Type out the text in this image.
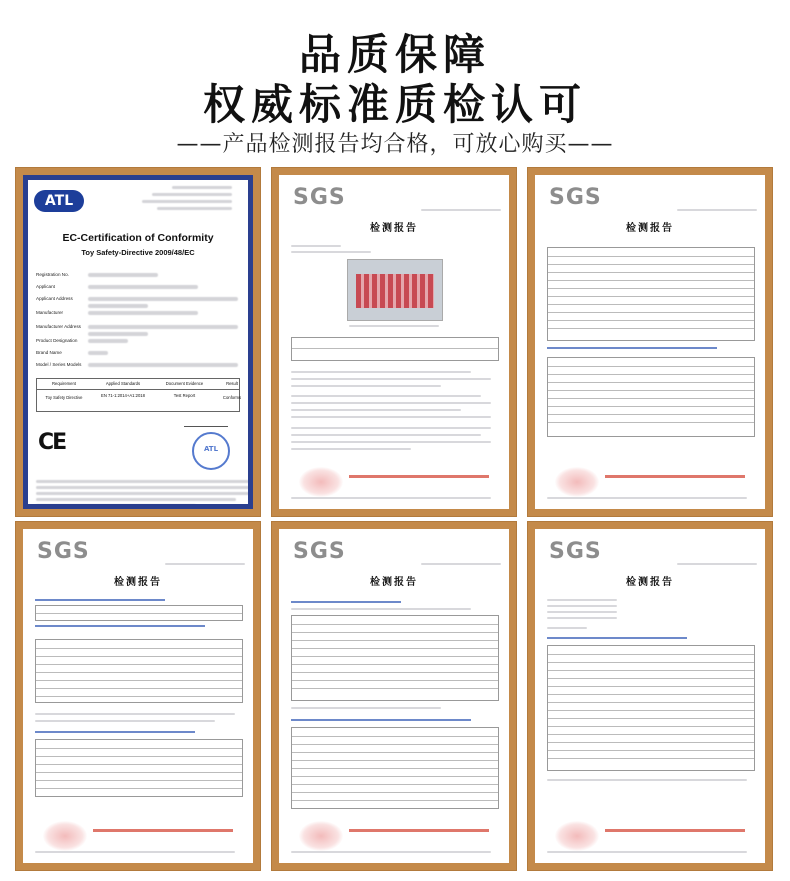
品质保障
权威标准质检认可
——产品检测报告均合格，可放心购买——
ATL
EC-Certification of Conformity
Toy Safety-Directive 2009/48/EC
Registration No.
Applicant
Applicant Address
Manufacturer
Manufacturer Address
Product Designation
Brand Name
Model / Series Models
Requirement	Applied Standards	Document Evidence	Result
Toy Safety Directive	EN 71-1:2014+A1:2018	Test Report	Conforms
CE	ATL
SGS
检测报告
SGS
检测报告
SGS
检测报告
SGS
检测报告
SGS
检测报告
